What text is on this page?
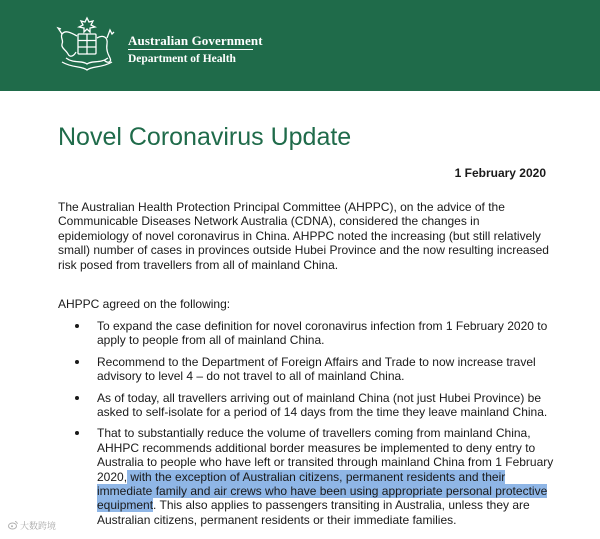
Australian Government
Department of Health
Novel Coronavirus Update
1 February 2020

The Australian Health Protection Principal Committee (AHPPC), on the advice of the Communicable Diseases Network Australia (CDNA), considered the changes in epidemiology of novel coronavirus in China. AHPPC noted the increasing (but still relatively small) number of cases in provinces outside Hubei Province and the now resulting increased risk posed from travellers from all of mainland China.

AHPPC agreed on the following:

To expand the case definition for novel coronavirus infection from 1 February 2020 to apply to people from all of mainland China.
Recommend to the Department of Foreign Affairs and Trade to now increase travel advisory to level 4 – do not travel to all of mainland China.
As of today, all travellers arriving out of mainland China (not just Hubei Province) be asked to self-isolate for a period of 14 days from the time they leave mainland China.
That to substantially reduce the volume of travellers coming from mainland China, AHHPC recommends additional border measures be implemented to deny entry to Australia to people who have left or transited through mainland China from 1 February 2020, with the exception of Australian citizens, permanent residents and their immediate family and air crews who have been using appropriate personal protective equipment. This also applies to passengers transiting in Australia, unless they are Australian citizens, permanent residents or their immediate families.
大数跨境
